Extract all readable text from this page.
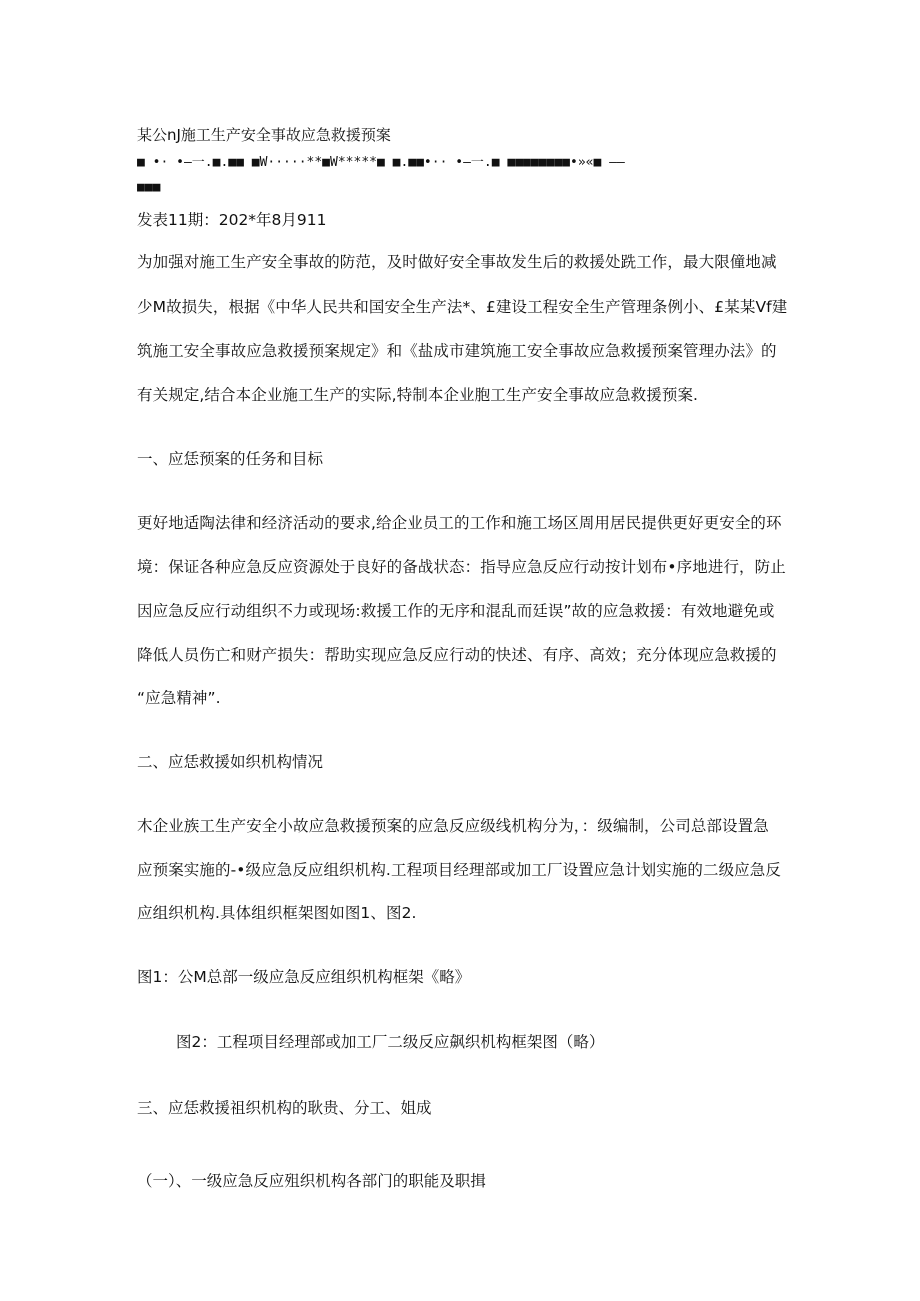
某公nJ施工生产安全事故应急救援预案
■ •· •—一.■.■■ ■W·····**■W*****■ ■.■■•·· •—一.■ ■■■■■■■■•»«■ ——
■■■
发表11期：202*年8月911
为加强对施工生产安全事故的防范，及时做好安全事故发生后的救援处跣工作，最大限僮地减
少M故损失，根据《中华人民共和国安全生产法*、£建设工程安全生产管理条例小、£某某Vf建
筑施工安全事故应急救援预案规定》和《盐成市建筑施工安全事故应急救援预案管理办法》的
有关规定,结合本企业施工生产的实际,特制本企业胞工生产安全事故应急救援预案.
一、应恁预案的任务和目标
更好地适陶法律和经济活动的要求,给企业员工的工作和施工场区周用居民提供更好更安全的环
境：保证各种应急反应资源处于良好的备战状态：指导应急反应行动按计划布•序地进行，防止
因应急反应行动组织不力或现场:救援工作的无序和混乱而廷误”故的应急救援：有效地避免或
降低人员伤亡和财产损失：帮助实现应急反应行动的快述、有序、高效；充分体现应急救援的
“应急精神”.
二、应恁救援如织机构情况
木企业族工生产安全小故应急救援预案的应急反应级线机构分为，：级编制，公司总部设置急
应预案实施的-•级应急反应组织机构.工程项目经理部或加工厂设置应急计划实施的二级应急反
应组织机构.具体组织框架图如图1、图2.
图1：公M总部一级应急反应组织机构框架《略》
图2：工程项目经理部或加工厂二级反应飙织机构框架图（略）
三、应恁救援祖织机构的耿贵、分工、姐成
（一）、一级应急反应殂织机构各部门的职能及职揖
